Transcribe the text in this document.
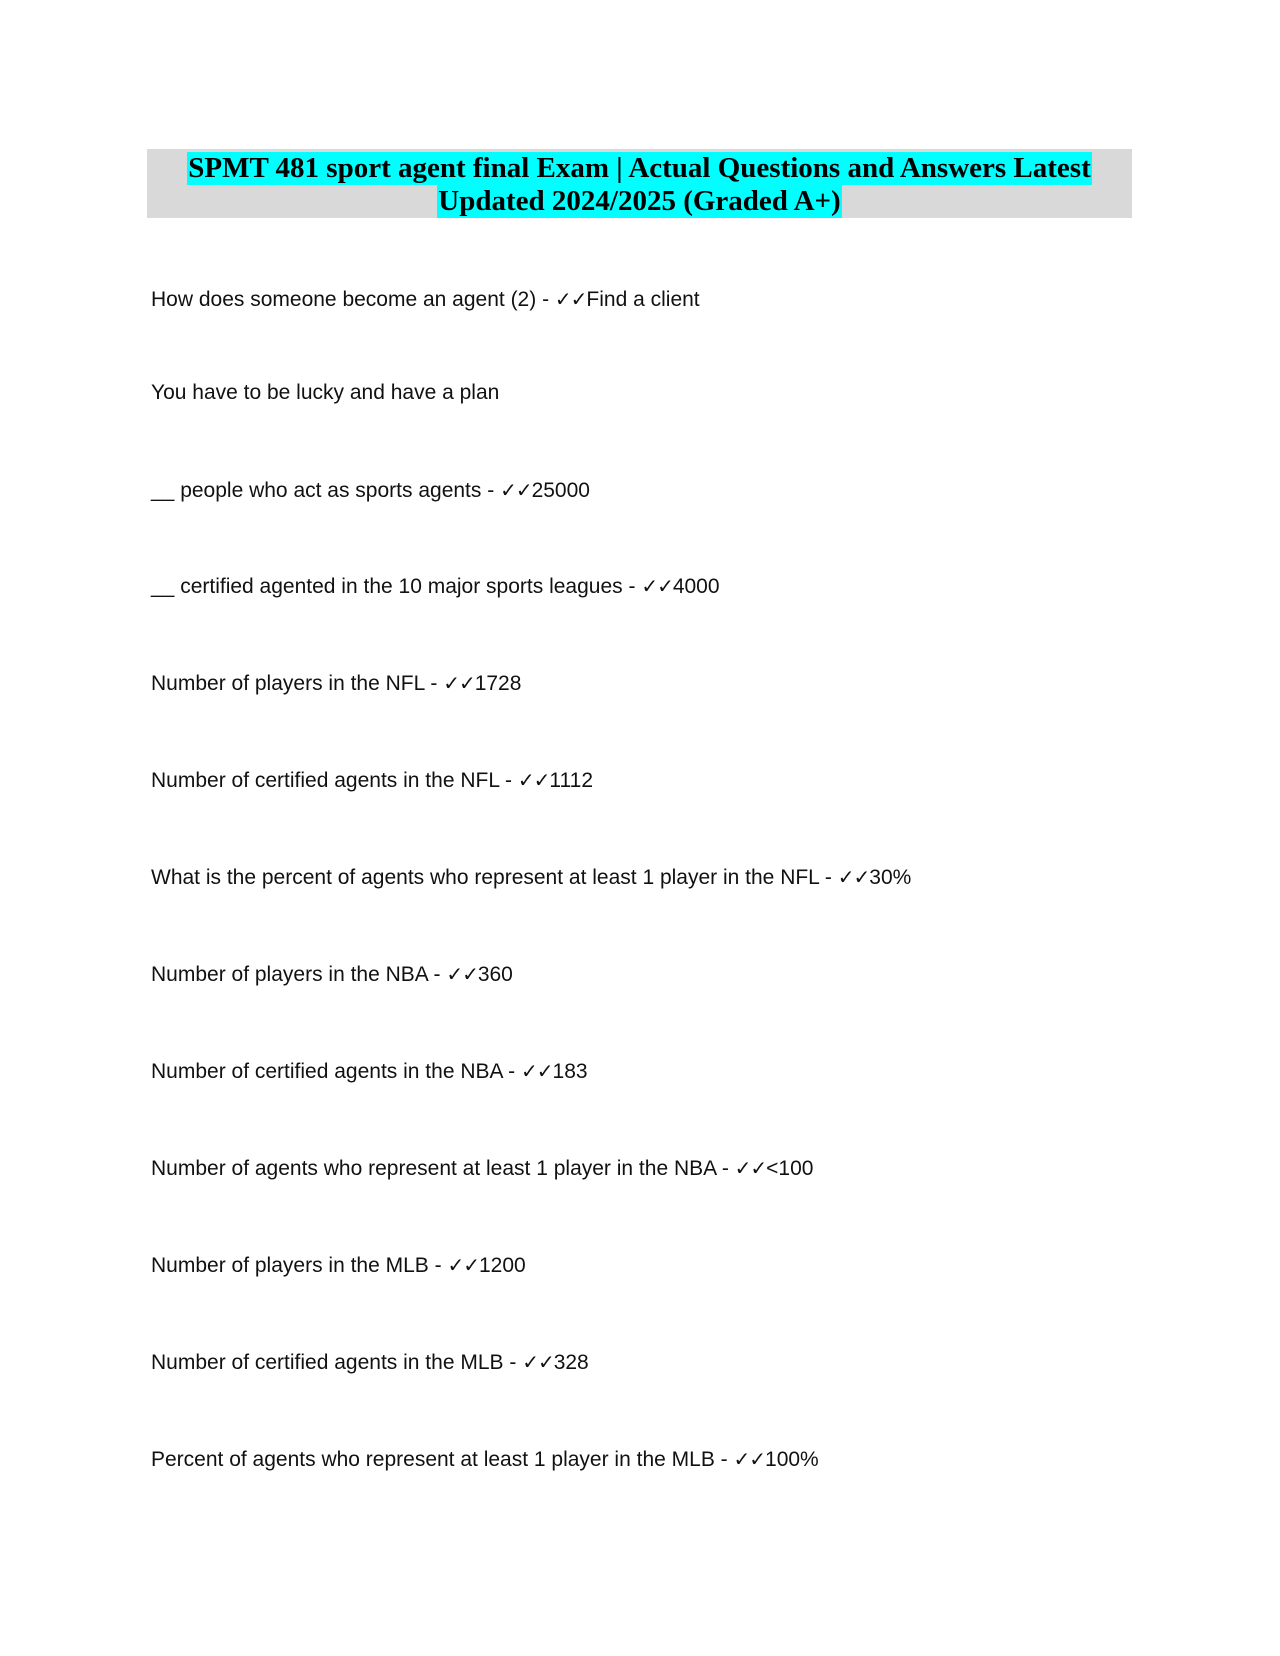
SPMT 481 sport agent final Exam | Actual Questions and Answers Latest
Updated 2024/2025 (Graded A+)
How does someone become an agent (2) - ✓✓Find a client
You have to be lucky and have a plan
__ people who act as sports agents - ✓✓25000
__ certified agented in the 10 major sports leagues - ✓✓4000
Number of players in the NFL - ✓✓1728
Number of certified agents in the NFL - ✓✓1112
What is the percent of agents who represent at least 1 player in the NFL - ✓✓30%
Number of players in the NBA - ✓✓360
Number of certified agents in the NBA - ✓✓183
Number of agents who represent at least 1 player in the NBA - ✓✓<100
Number of players in the MLB - ✓✓1200
Number of certified agents in the MLB - ✓✓328
Percent of agents who represent at least 1 player in the MLB - ✓✓100%
